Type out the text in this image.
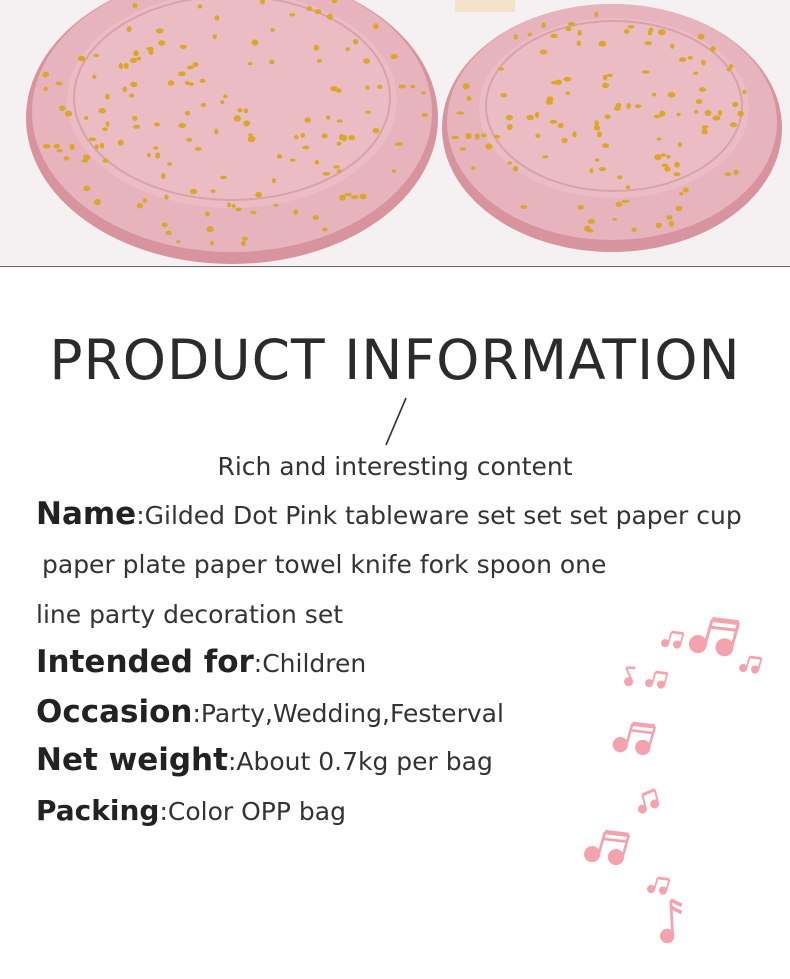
PRODUCT INFORMATION
Rich and interesting content
Name:Gilded Dot Pink tableware set set set paper cup
paper plate paper towel knife fork spoon one
line party decoration set
Intended for:Children
Occasion:Party,Wedding,Festerval
Net weight:About 0.7kg per bag
Packing:Color OPP bag
